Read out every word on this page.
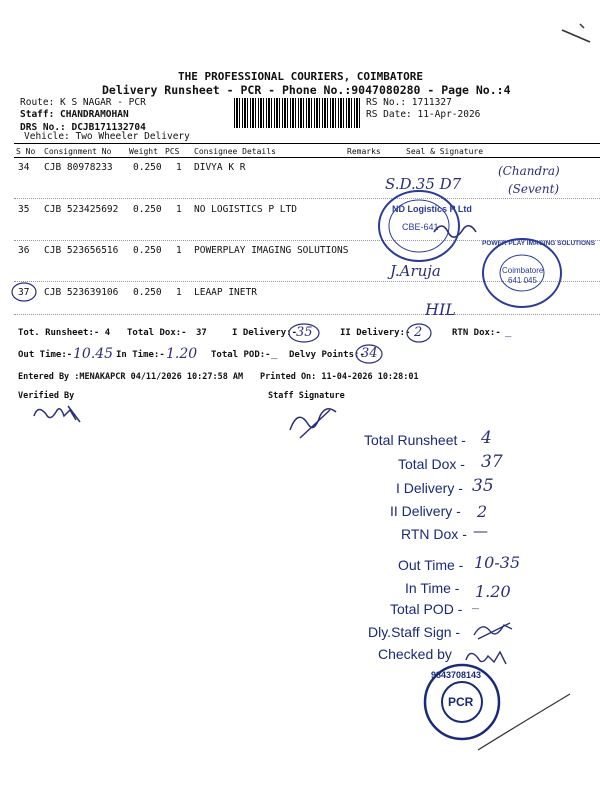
THE PROFESSIONAL COURIERS, COIMBATORE
Delivery Runsheet - PCR - Phone No.:9047080280 - Page No.:4
Route: K S NAGAR - PCR
Staff: CHANDRAMOHAN
DRS No.: DCJB171132704
Vehicle: Two Wheeler Delivery
RS No.: 1711327
RS Date: 11-Apr-2026
S No Consignment No Weight PCS Consignee Details	Remarks	Seal & Signature
34 CJB 80978233 0.250 1 DIVYA K R
35 CJB 523425692 0.250 1 NO LOGISTICS P LTD
36 CJB 523656516 0.250 1 POWERPLAY IMAGING SOLUTIONS
37 CJB 523639106 0.250 1 LEAAP INETR
S.D.35 D7
(Chandra)
(Sevent)
J.Aruja
HIL
ND Logistics P Ltd
CBE-641
POWER PLAY IMAGING SOLUTIONS
Coimbatore
641 045
Tot. Runsheet:- 4 Total Dox:- 37	I Delivery:-
35	II Delivery:- 2	RTN Dox:- _
Out Time:- 10.45 In Time:- 1.20 Total POD:- _ Delvy Points:-
34
Entered By :MENAKAPCR 04/11/2026 10:27:58 AM Printed On: 11-04-2026 10:28:01
Verified By	Staff Signature
Total Runsheet - 4
Total Dox - 37
I Delivery - 35
II Delivery - 2
RTN Dox - —
Out Time - 10-35
In Time - 1.20
Total POD - _
Dly.Staff Sign -
Checked by
9843708143
PCR
